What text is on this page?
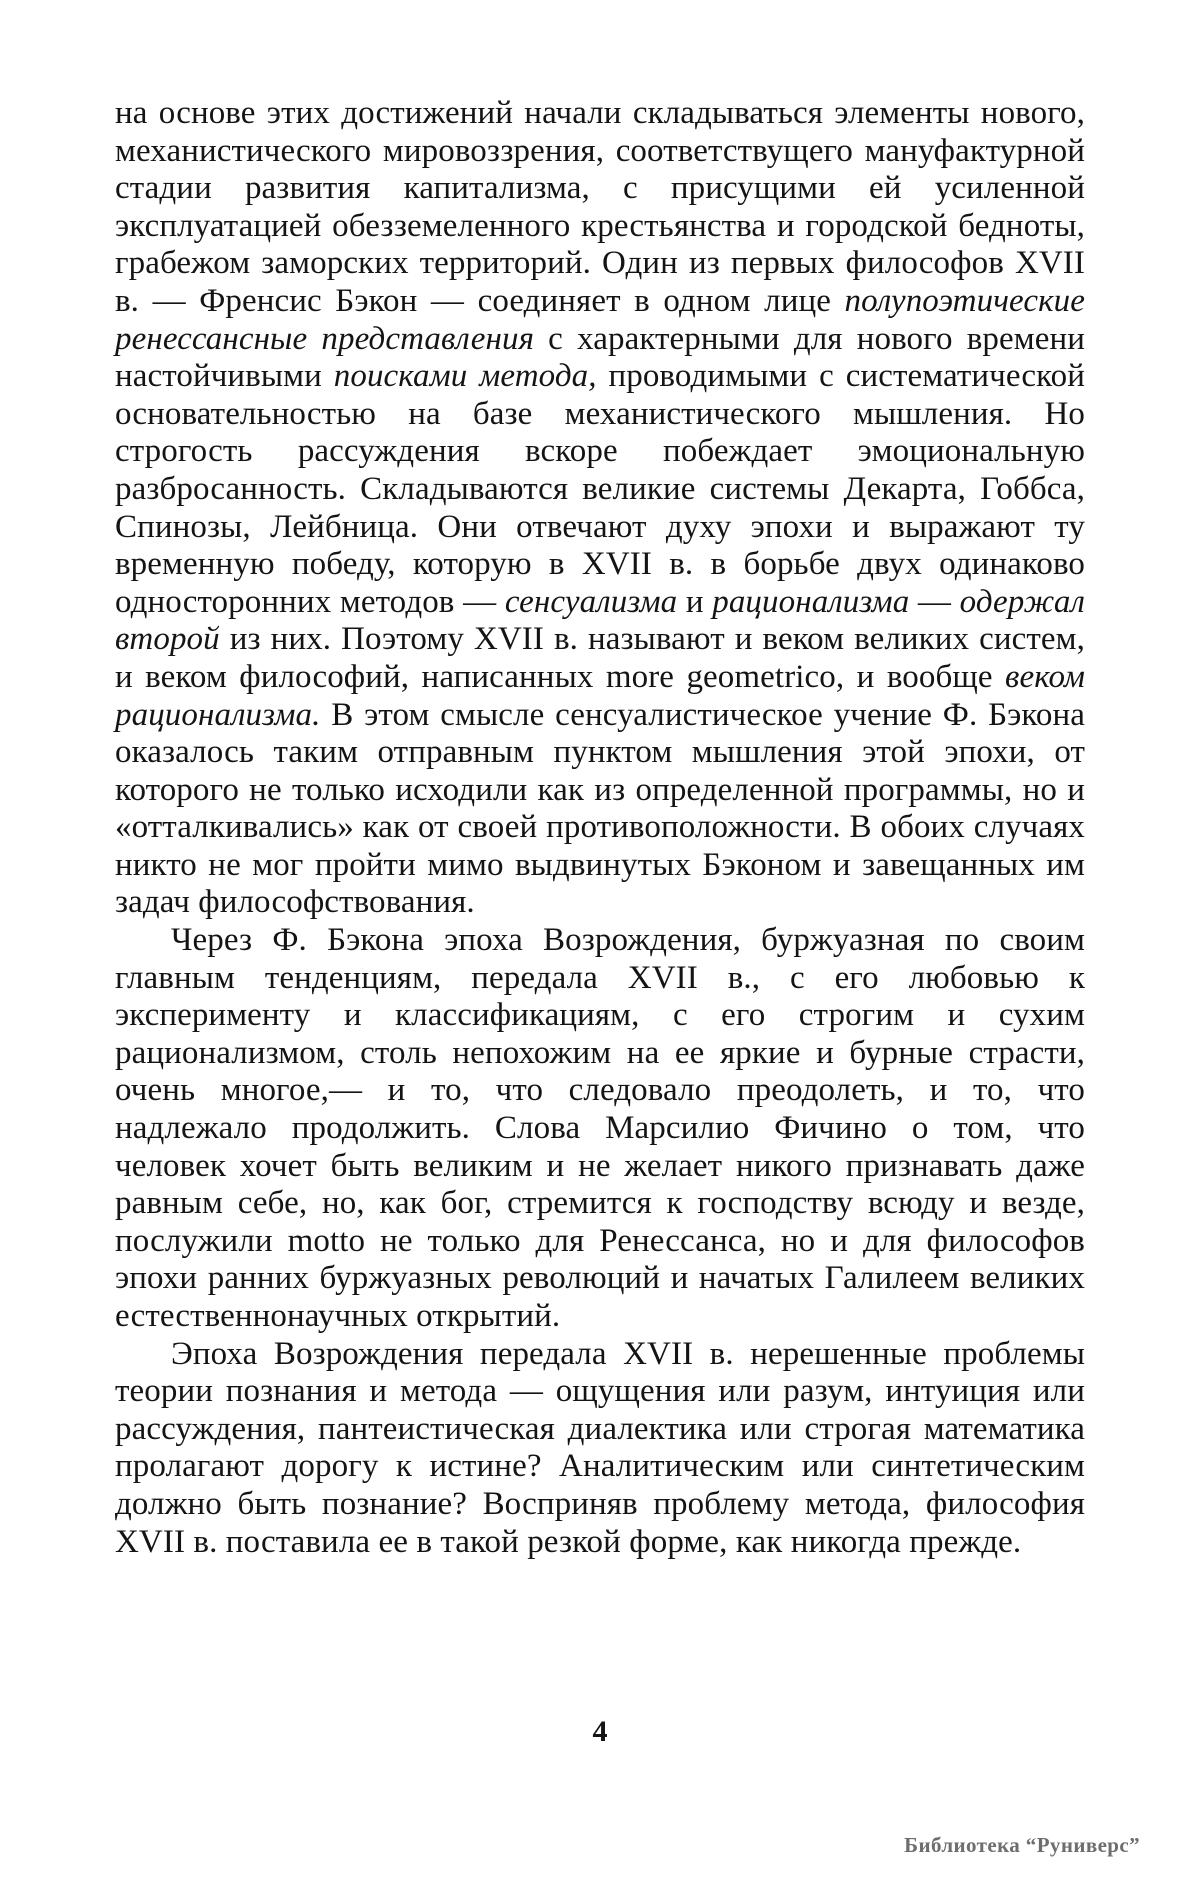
на основе этих достижений начали складываться элементы нового, механистического мировоззрения, соответствущего мануфактурной стадии развития капитализма, с присущими ей усиленной эксплуатацией обезземеленного крестьянства и городской бедноты, грабежом заморских территорий. Один из первых философов XVII в. — Френсис Бэкон — соединяет в одном лице полупоэтические ренессансные представления с характерными для нового времени настойчивыми поисками метода, проводимыми с систематической основательностью на базе механистического мышления. Но строгость рассуждения вскоре побеждает эмоциональную разбросанность. Складываются великие системы Декарта, Гоббса, Спинозы, Лейбница. Они отвечают духу эпохи и выражают ту временную победу, которую в XVII в. в борьбе двух одинаково односторонних методов — сенсуализма и рационализма — одержал второй из них. Поэтому XVII в. называют и веком великих систем, и веком философий, написанных more geometrico, и вообще веком рационализма. В этом смысле сенсуалистическое учение Ф. Бэкона оказалось таким отправным пунктом мышления этой эпохи, от которого не только исходили как из определенной программы, но и «отталкивались» как от своей противоположности. В обоих случаях никто не мог пройти мимо выдвинутых Бэконом и завещанных им задач философствования.

Через Ф. Бэкона эпоха Возрождения, буржуазная по своим главным тенденциям, передала XVII в., с его любовью к эксперименту и классификациям, с его строгим и сухим рационализмом, столь непохожим на ее яркие и бурные страсти, очень многое,— и то, что следовало преодолеть, и то, что надлежало продолжить. Слова Марсилио Фичино о том, что человек хочет быть великим и не желает никого признавать даже равным себе, но, как бог, стремится к господству всюду и везде, послужили motto не только для Ренессанса, но и для философов эпохи ранних буржуазных революций и начатых Галилеем великих естественнонаучных открытий.

Эпоха Возрождения передала XVII в. нерешенные проблемы теории познания и метода — ощущения или разум, интуиция или рассуждения, пантеистическая диалектика или строгая математика пролагают дорогу к истине? Аналитическим или синтетическим должно быть познание? Восприняв проблему метода, философия XVII в. поставила ее в такой резкой форме, как никогда прежде.

4
Библиотека “Рунивepc”
